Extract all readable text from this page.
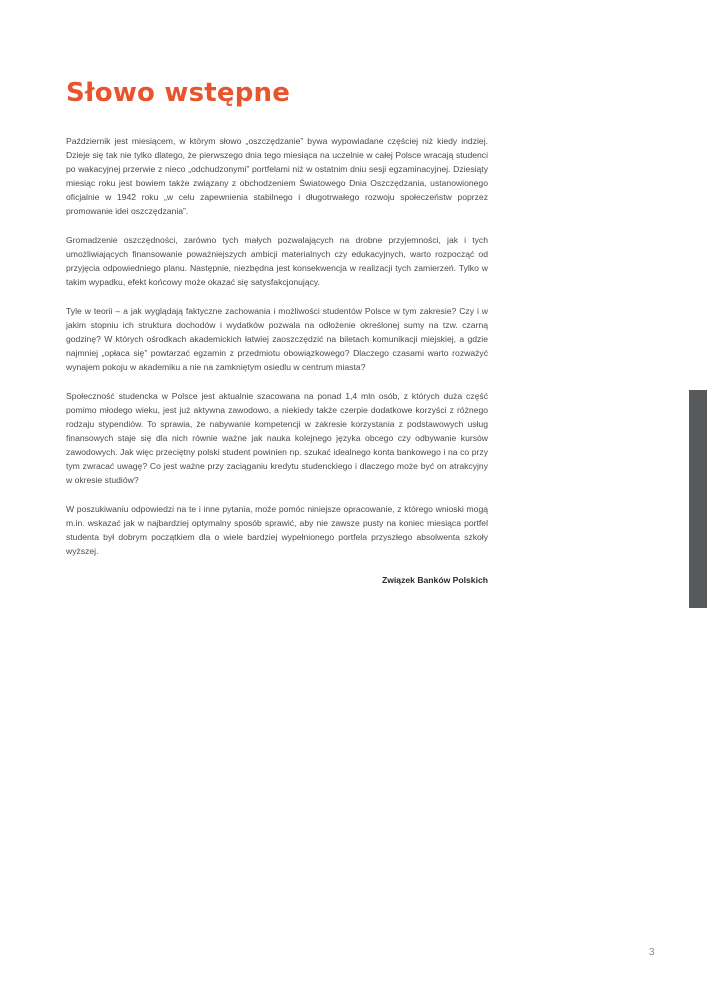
Słowo wstępne

Październik jest miesiącem, w którym słowo „oszczędzanie” bywa wypowiadane częściej niż kiedy indziej. Dzieje się tak nie tylko dlatego, że pierwszego dnia tego miesiąca na uczelnie w całej Polsce wracają studenci po wakacyjnej przerwie z nieco „odchudzonymi” portfelami niż w ostatnim dniu sesji egzaminacyjnej. Dziesiąty miesiąc roku jest bowiem także związany z obchodzeniem Światowego Dnia Oszczędzania, ustanowionego oficjalnie w 1942 roku „w celu zapewnienia stabilnego i długotrwałego rozwoju społeczeństw poprzez promowanie idei oszczędzania”.

Gromadzenie oszczędności, zarówno tych małych pozwalających na drobne przyjemności, jak i tych umożliwiających finansowanie poważniejszych ambicji materialnych czy edukacyjnych, warto rozpocząć od przyjęcia odpowiedniego planu. Następnie, niezbędna jest konsekwencja w realizacji tych zamierzeń. Tylko w takim wypadku, efekt końcowy może okazać się satysfakcjonujący.

Tyle w teorii – a jak wyglądają faktyczne zachowania i możliwości studentów Polsce w tym zakresie? Czy i w jakim stopniu ich struktura dochodów i wydatków pozwala na odłożenie określonej sumy na tzw. czarną godzinę? W których ośrodkach akademickich łatwiej zaoszczędzić na biletach komunikacji miejskiej, a gdzie najmniej „opłaca się” powtarzać egzamin z przedmiotu obowiązkowego? Dlaczego czasami warto rozważyć wynajem pokoju w akademiku a nie na zamkniętym osiedlu w centrum miasta?

Społeczność studencka w Polsce jest aktualnie szacowana na ponad 1,4 mln osób, z których duża część pomimo młodego wieku, jest już aktywna zawodowo, a niekiedy także czerpie dodatkowe korzyści z różnego rodzaju stypendiów. To sprawia, że nabywanie kompetencji w zakresie korzystania z podstawowych usług finansowych staje się dla nich równie ważne jak nauka kolejnego języka obcego czy odbywanie kursów zawodowych. Jak więc przeciętny polski student powinien np. szukać idealnego konta bankowego i na co przy tym zwracać uwagę? Co jest ważne przy zaciąganiu kredytu studenckiego i dlaczego może być on atrakcyjny w okresie studiów?

W poszukiwaniu odpowiedzi na te i inne pytania, może pomóc niniejsze opracowanie, z którego wnioski mogą m.in. wskazać jak w najbardziej optymalny sposób sprawić, aby nie zawsze pusty na koniec miesiąca portfel studenta był dobrym początkiem dla o wiele bardziej wypełnionego portfela przyszłego absolwenta szkoły wyższej.

Związek Banków Polskich
3
